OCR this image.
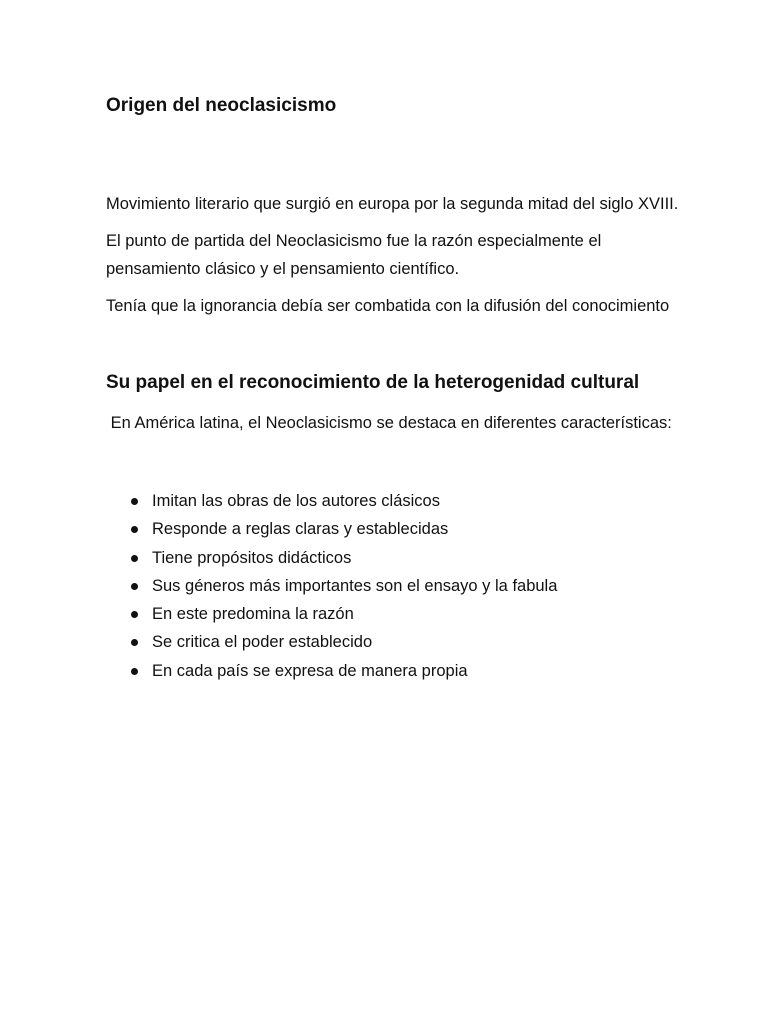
Origen del neoclasicismo

Movimiento literario que surgió en europa por la segunda mitad del siglo XVIII.

El punto de partida del Neoclasicismo fue la razón especialmente el pensamiento clásico y el pensamiento científico.

Tenía que la ignorancia debía ser combatida con la difusión del conocimiento

Su papel en el reconocimiento de la heterogenidad cultural

En América latina, el Neoclasicismo se destaca en diferentes características:

Imitan las obras de los autores clásicos
Responde a reglas claras y establecidas
Tiene propósitos didácticos
Sus géneros más importantes son el ensayo y la fabula
En este predomina la razón
Se critica el poder establecido
En cada país se expresa de manera propia
